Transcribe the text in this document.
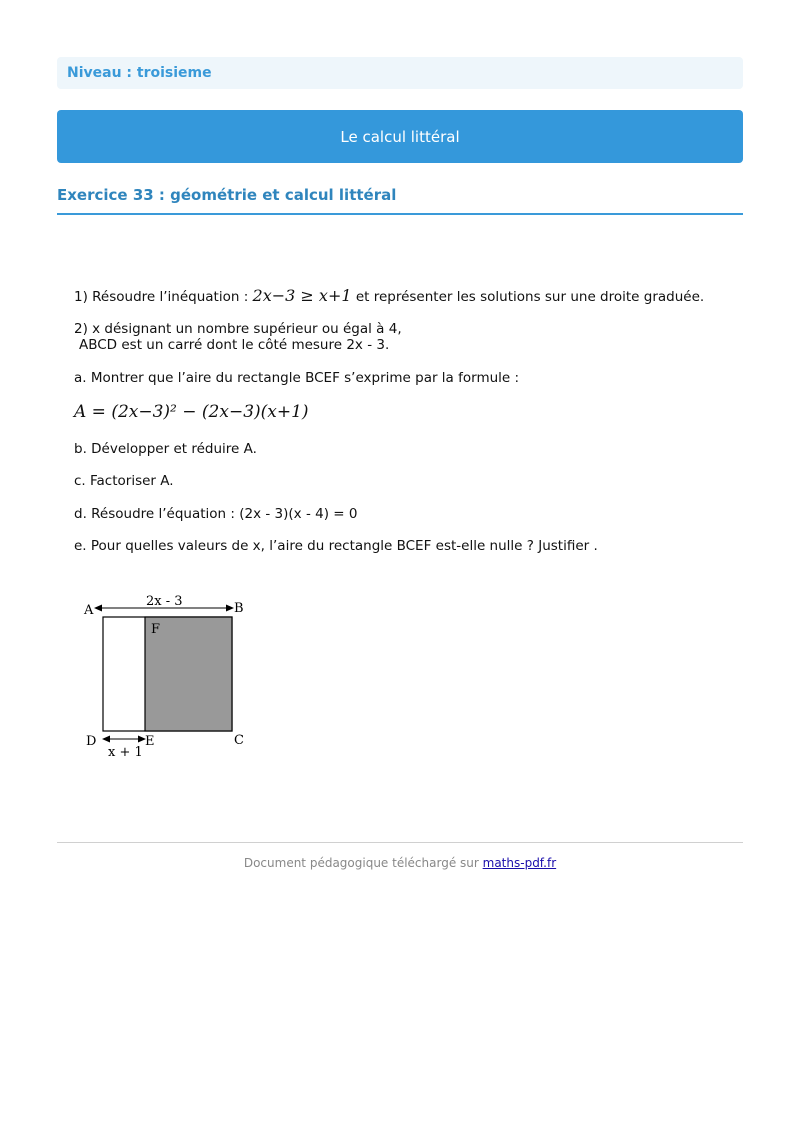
Niveau : troisieme
Le calcul littéral
Exercice 33 : géométrie et calcul littéral
1) Résoudre l’inéquation : 2x−3 ≥ x+1 et représenter les solutions sur une droite graduée.
2) x désignant un nombre supérieur ou égal à 4,
ABCD est un carré dont le côté mesure 2x - 3.
a. Montrer que l’aire du rectangle BCEF s’exprime par la formule :
A = (2x−3)² − (2x−3)(x+1)
b. Développer et réduire A.
c. Factoriser A.
d. Résoudre l’équation : (2x - 3)(x - 4) = 0
e. Pour quelles valeurs de x, l’aire du rectangle BCEF est-elle nulle ? Justifier .
A	B
C
D	E
F
2x - 3
x + 1
Document pédagogique téléchargé sur maths-pdf.fr
